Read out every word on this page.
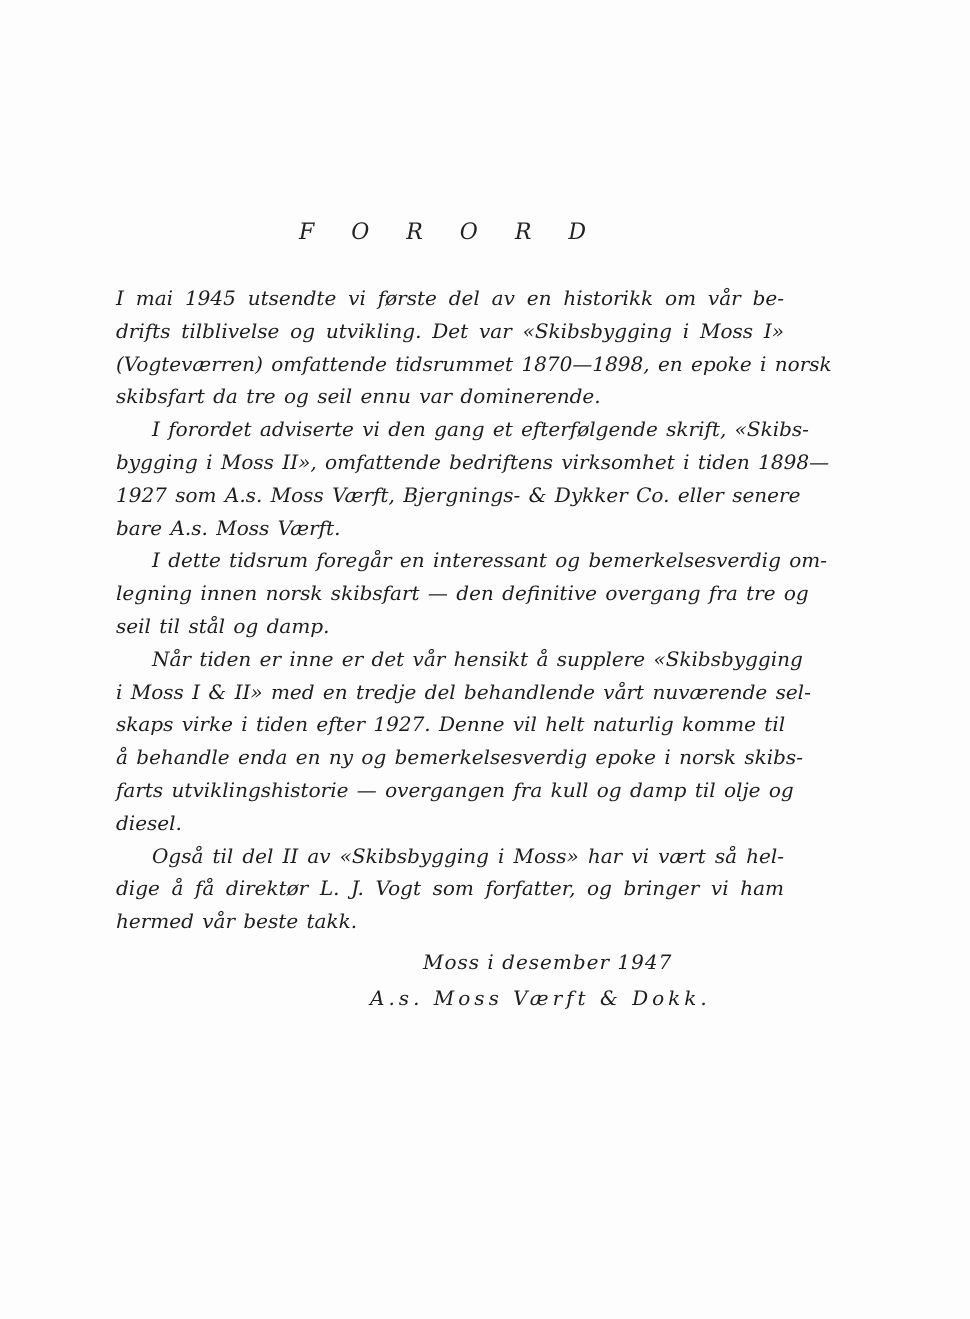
F O R O R D
I mai 1945 utsendte vi første del av en historikk om vår be-
drifts tilblivelse og utvikling. Det var «Skibsbygging i Moss I»
(Vogteværren) omfattende tidsrummet 1870—1898, en epoke i norsk
skibsfart da tre og seil ennu var dominerende.
I forordet adviserte vi den gang et efterfølgende skrift, «Skibs-
bygging i Moss II», omfattende bedriftens virksomhet i tiden 1898—
1927 som A.s. Moss Værft, Bjergnings- & Dykker Co. eller senere
bare A.s. Moss Værft.
I dette tidsrum foregår en interessant og bemerkelsesverdig om-
legning innen norsk skibsfart — den definitive overgang fra tre og
seil til stål og damp.
Når tiden er inne er det vår hensikt å supplere «Skibsbygging
i Moss I & II» med en tredje del behandlende vårt nuværende sel-
skaps virke i tiden efter 1927. Denne vil helt naturlig komme til
å behandle enda en ny og bemerkelsesverdig epoke i norsk skibs-
farts utviklingshistorie — overgangen fra kull og damp til olje og
diesel.
Også til del II av «Skibsbygging i Moss» har vi vært så hel-
dige å få direktør L. J. Vogt som forfatter, og bringer vi ham
hermed vår beste takk.
Moss i desember 1947
A.s. Moss Værft & Dokk.
